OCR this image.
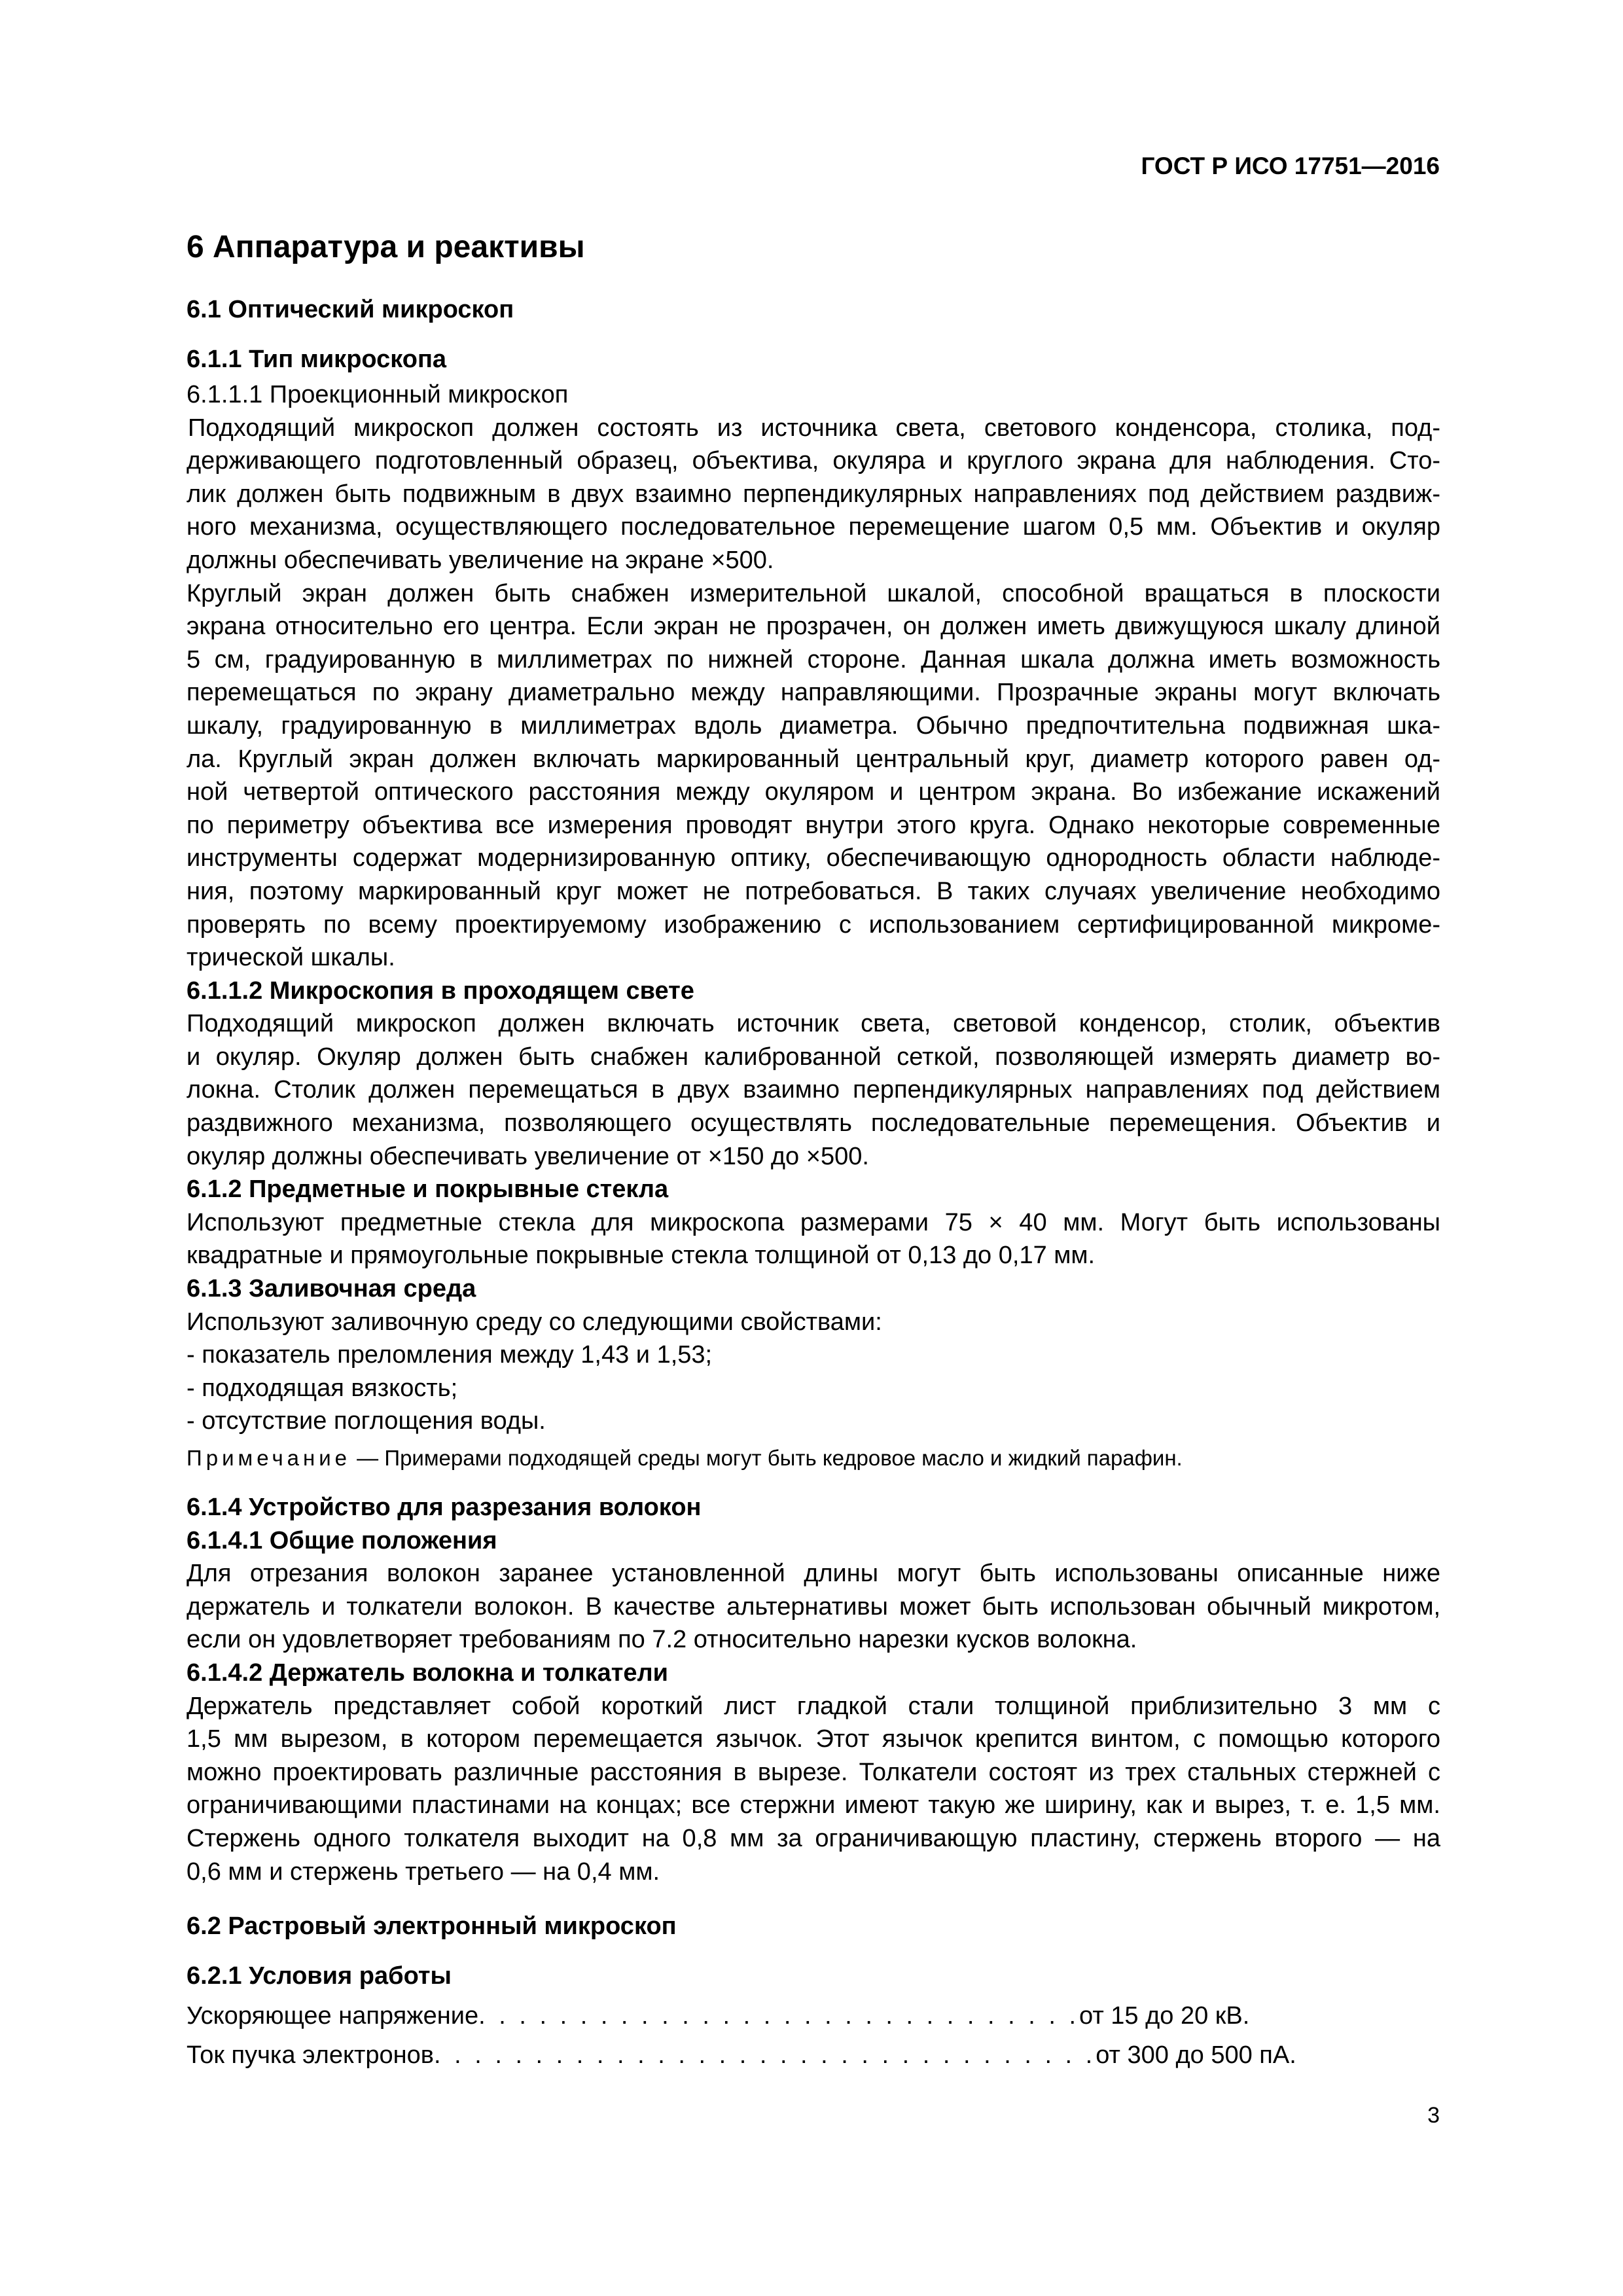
ГОСТ Р ИСО 17751—2016
6 Аппаратура и реактивы
6.1 Оптический микроскоп
6.1.1 Тип микроскопа
6.1.1.1 Проекционный микроскоп
Подходящий микроскоп должен состоять из источника света, светового конденсора, столика, под-
держивающего подготовленный образец, объектива, окуляра и круглого экрана для наблюдения. Сто-
лик должен быть подвижным в двух взаимно перпендикулярных направлениях под действием раздвиж-
ного механизма, осуществляющего последовательное перемещение шагом 0,5 мм. Объектив и окуляр
должны обеспечивать увеличение на экране ×500.
Круглый экран должен быть снабжен измерительной шкалой, способной вращаться в плоскости
экрана относительно его центра. Если экран не прозрачен, он должен иметь движущуюся шкалу длиной
5 см, градуированную в миллиметрах по нижней стороне. Данная шкала должна иметь возможность
перемещаться по экрану диаметрально между направляющими. Прозрачные экраны могут включать
шкалу, градуированную в миллиметрах вдоль диаметра. Обычно предпочтительна подвижная шка-
ла. Круглый экран должен включать маркированный центральный круг, диаметр которого равен од-
ной четвертой оптического расстояния между окуляром и центром экрана. Во избежание искажений
по периметру объектива все измерения проводят внутри этого круга. Однако некоторые современные
инструменты содержат модернизированную оптику, обеспечивающую однородность области наблюде-
ния, поэтому маркированный круг может не потребоваться. В таких случаях увеличение необходимо
проверять по всему проектируемому изображению с использованием сертифицированной микроме-
трической шкалы.
6.1.1.2 Микроскопия в проходящем свете
Подходящий микроскоп должен включать источник света, световой конденсор, столик, объектив
и окуляр. Окуляр должен быть снабжен калиброванной сеткой, позволяющей измерять диаметр во-
локна. Столик должен перемещаться в двух взаимно перпендикулярных направлениях под действием
раздвижного механизма, позволяющего осуществлять последовательные перемещения. Объектив и
окуляр должны обеспечивать увеличение от ×150 до ×500.
6.1.2 Предметные и покрывные стекла
Используют предметные стекла для микроскопа размерами 75 × 40 мм. Могут быть использованы
квадратные и прямоугольные покрывные стекла толщиной от 0,13 до 0,17 мм.
6.1.3 Заливочная среда
Используют заливочную среду со следующими свойствами:
- показатель преломления между 1,43 и 1,53;
- подходящая вязкость;
- отсутствие поглощения воды.
Примечание — Примерами подходящей среды могут быть кедровое масло и жидкий парафин.
6.1.4 Устройство для разрезания волокон
6.1.4.1 Общие положения
Для отрезания волокон заранее установленной длины могут быть использованы описанные ниже
держатель и толкатели волокон. В качестве альтернативы может быть использован обычный микротом,
если он удовлетворяет требованиям по 7.2 относительно нарезки кусков волокна.
6.1.4.2 Держатель волокна и толкатели
Держатель представляет собой короткий лист гладкой стали толщиной приблизительно 3 мм с
1,5 мм вырезом, в котором перемещается язычок. Этот язычок крепится винтом, с помощью которого
можно проектировать различные расстояния в вырезе. Толкатели состоят из трех стальных стержней с
ограничивающими пластинами на концах; все стержни имеют такую же ширину, как и вырез, т. е. 1,5 мм.
Стержень одного толкателя выходит на 0,8 мм за ограничивающую пластину, стержень второго — на
0,6 мм и стержень третьего — на 0,4 мм.
6.2 Растровый электронный микроскоп
6.2.1 Условия работы
Ускоряющее напряжение . . . . . . . . . . . . . . . . . . . . . . . . . . . . . . от 15 до 20 кВ.
Ток пучка электронов . . . . . . . . . . . . . . . . . . . . . . . . . . . . . . . . . от 300 до 500 пА.
3
